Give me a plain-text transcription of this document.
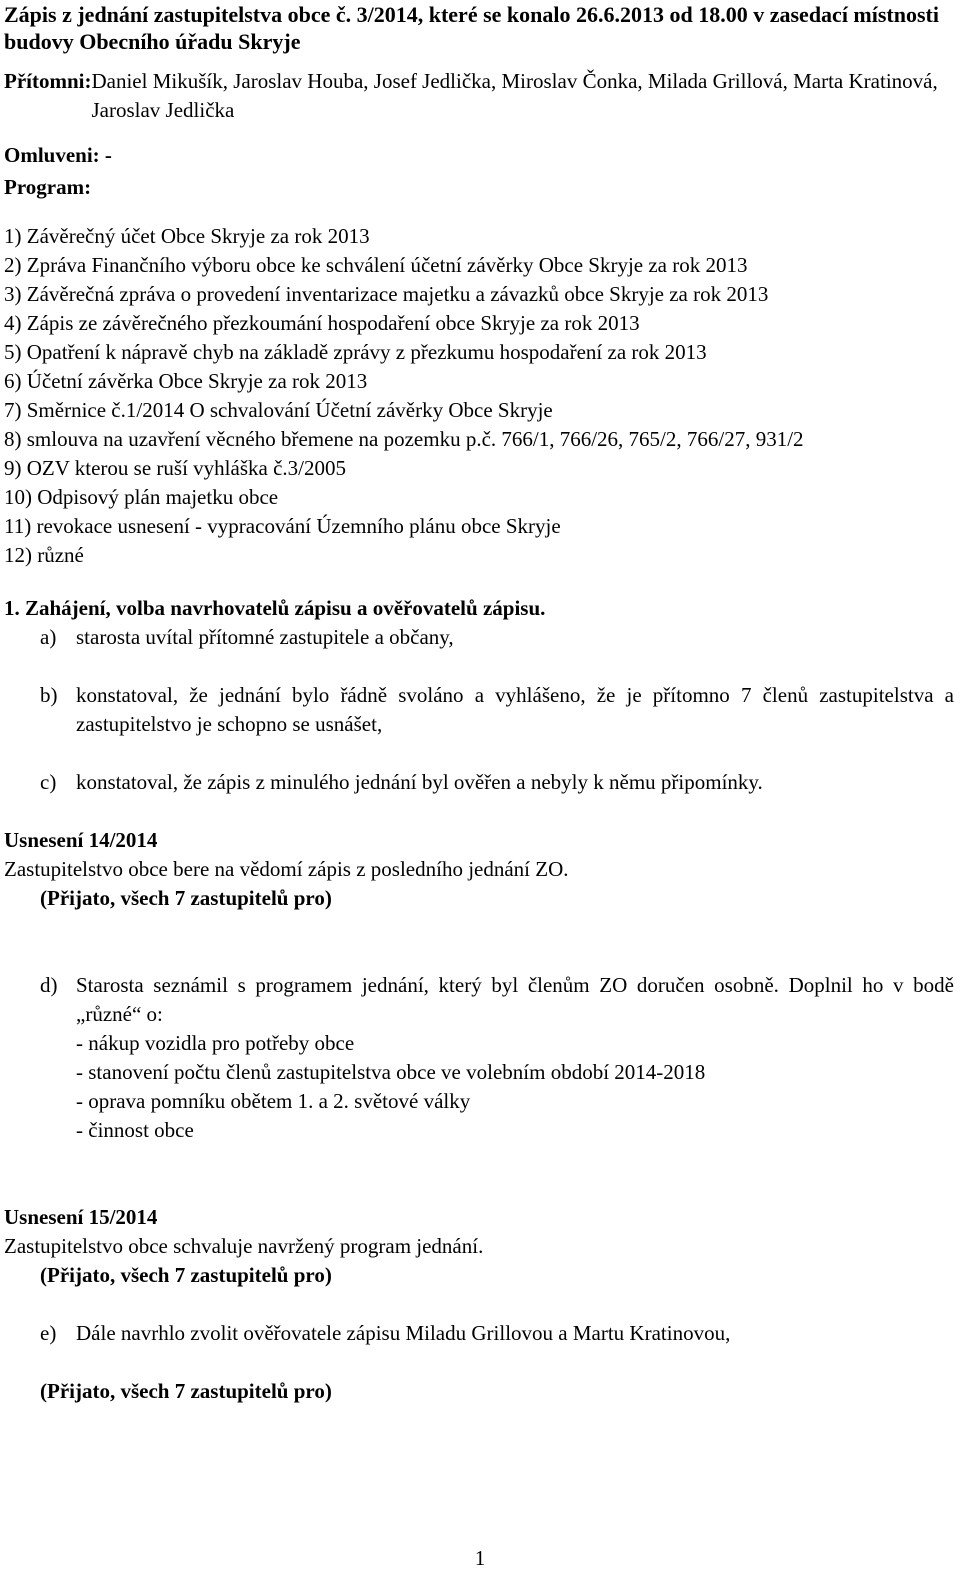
Zápis z jednání zastupitelstva obce č. 3/2014, které se konalo 26.6.2013 od 18.00 v zasedací místnosti budovy Obecního úřadu Skryje
Přítomni: Daniel Mikušík, Jaroslav Houba, Josef Jedlička, Miroslav Čonka, Milada Grillová, Marta Kratinová, Jaroslav Jedlička
Omluveni: -
Program:
1) Závěrečný účet Obce Skryje za rok 2013
2) Zpráva Finančního výboru obce ke schválení účetní závěrky Obce Skryje za rok 2013
3) Závěrečná zpráva o provedení inventarizace majetku a závazků obce Skryje za rok 2013
4) Zápis ze závěrečného přezkoumání hospodaření obce Skryje za rok 2013
5) Opatření k nápravě chyb na základě zprávy z přezkumu hospodaření za rok 2013
6) Účetní závěrka Obce Skryje za rok 2013
7) Směrnice č.1/2014 O schvalování Účetní závěrky Obce Skryje
8) smlouva na uzavření věcného břemene na pozemku p.č. 766/1, 766/26, 765/2, 766/27, 931/2
9) OZV kterou se ruší vyhláška č.3/2005
10) Odpisový plán majetku obce
11) revokace usnesení - vypracování Územního plánu obce Skryje
12) různé
1. Zahájení, volba navrhovatelů zápisu a ověřovatelů zápisu.
a) starosta uvítal přítomné zastupitele a občany,
b) konstatoval, že jednání bylo řádně svoláno a vyhlášeno, že je přítomno 7 členů zastupitelstva a zastupitelstvo je schopno se usnášet,
c) konstatoval, že zápis z minulého jednání byl ověřen a nebyly k němu připomínky.
Usnesení 14/2014
Zastupitelstvo obce bere na vědomí zápis z posledního jednání ZO.
(Přijato, všech 7 zastupitelů pro)
d) Starosta seznámil s programem jednání, který byl členům ZO doručen osobně. Doplnil ho v bodě „různé“ o:
- nákup vozidla pro potřeby obce
- stanovení počtu členů zastupitelstva obce ve volebním období 2014-2018
- oprava pomníku obětem 1. a 2. světové války
- činnost obce
Usnesení 15/2014
Zastupitelstvo obce schvaluje navržený program jednání.
(Přijato, všech 7 zastupitelů pro)
e) Dále navrhlo zvolit ověřovatele zápisu Miladu Grillovou a Martu Kratinovou,
(Přijato, všech 7 zastupitelů pro)
1
